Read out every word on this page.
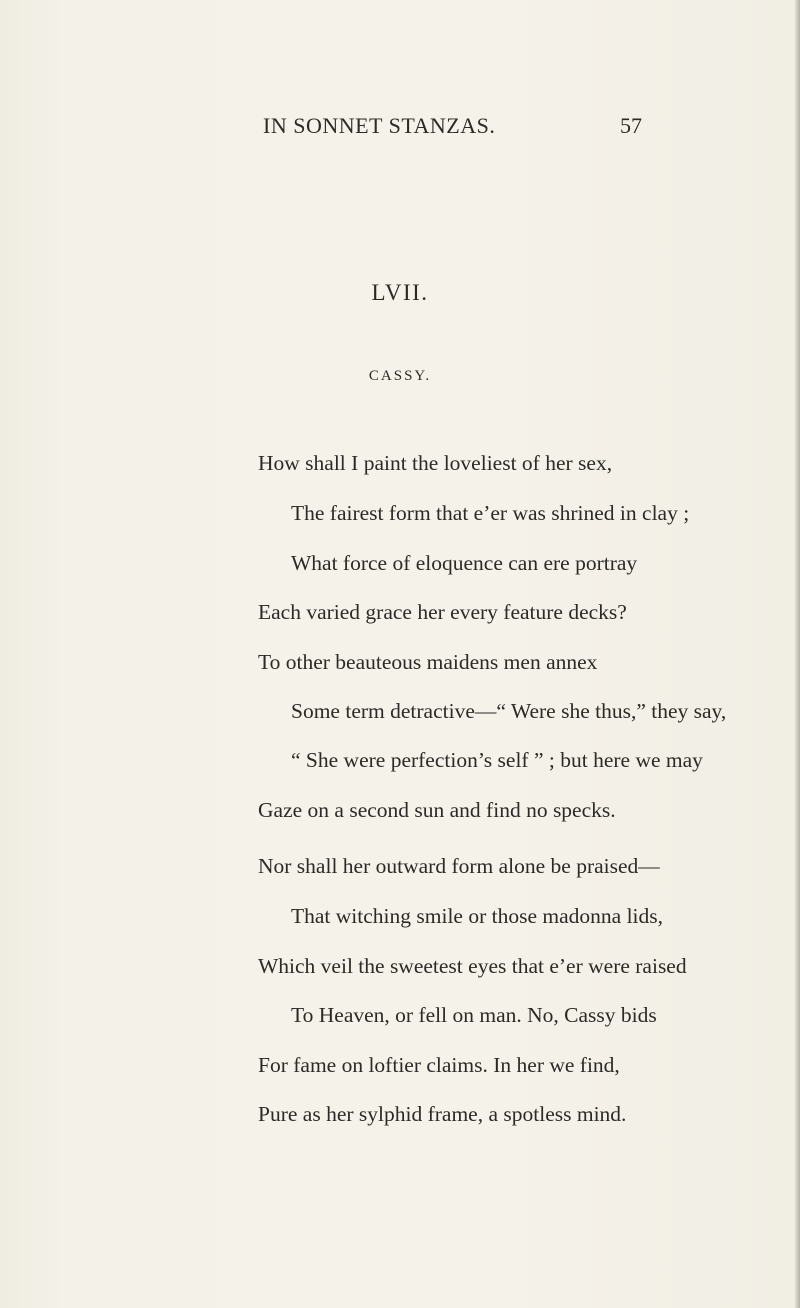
IN SONNET STANZAS.	57
LVII.
CASSY.
How shall I paint the loveliest of her sex,
The fairest form that e’er was shrined in clay ;
What force of eloquence can ere portray
Each varied grace her every feature decks?
To other beauteous maidens men annex
Some term detractive—“ Were she thus,” they say,
“ She were perfection’s self ” ; but here we may
Gaze on a second sun and find no specks.
Nor shall her outward form alone be praised—
That witching smile or those madonna lids,
Which veil the sweetest eyes that e’er were raised
To Heaven, or fell on man. No, Cassy bids
For fame on loftier claims. In her we find,
Pure as her sylphid frame, a spotless mind.
